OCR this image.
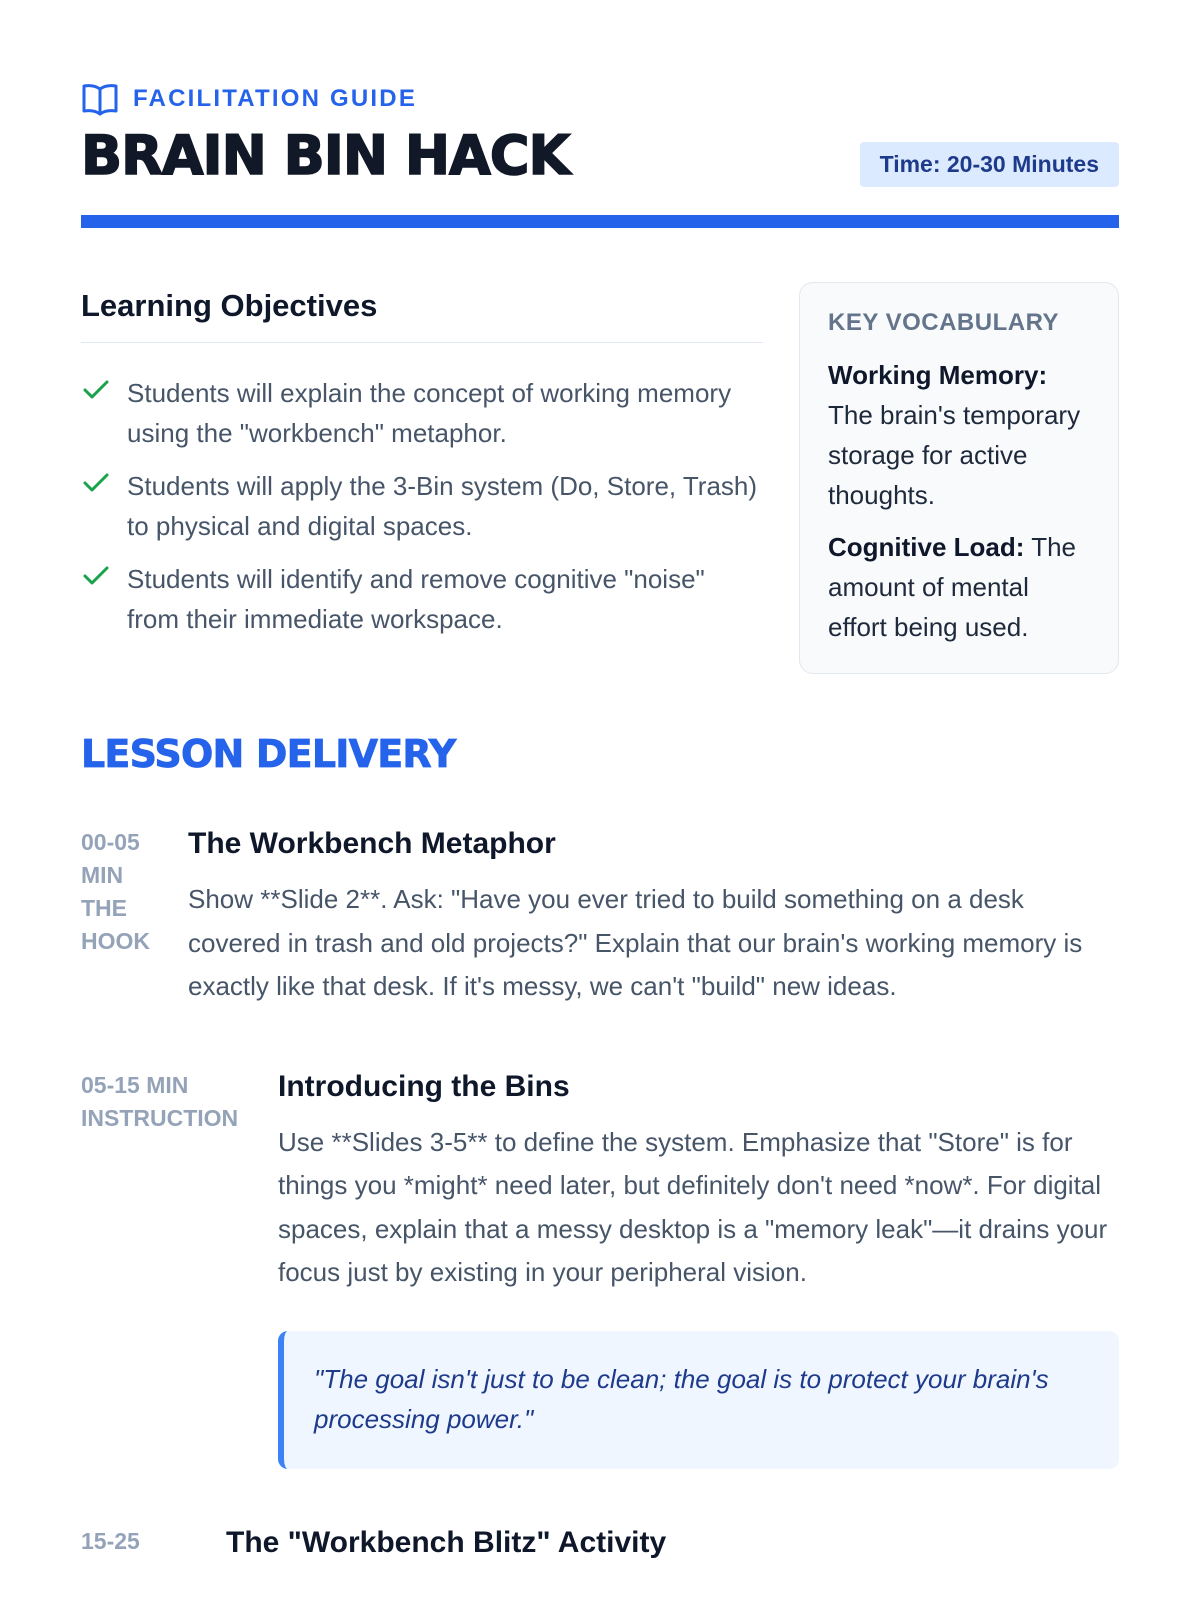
FACILITATION GUIDE
BRAIN BIN HACK	Time: 20-30 Minutes
Learning Objectives
Students will explain the concept of working memory using the "workbench" metaphor.
Students will apply the 3-Bin system (Do, Store, Trash) to physical and digital spaces.
Students will identify and remove cognitive "noise" from their immediate workspace.
KEY VOCABULARY
Working Memory: The brain's temporary storage for active thoughts.
Cognitive Load: The amount of mental effort being used.
LESSON DELIVERY
00-05 MIN THE HOOK
The Workbench Metaphor
Show **Slide 2**. Ask: "Have you ever tried to build something on a desk covered in trash and old projects?" Explain that our brain's working memory is exactly like that desk. If it's messy, we can't "build" new ideas.
05-15 MIN INSTRUCTION
Introducing the Bins
Use **Slides 3-5** to define the system. Emphasize that "Store" is for things you *might* need later, but definitely don't need *now*. For digital spaces, explain that a messy desktop is a "memory leak"—it drains your focus just by existing in your peripheral vision.
"The goal isn't just to be clean; the goal is to protect your brain's processing power."
15-25	The "Workbench Blitz" Activity
